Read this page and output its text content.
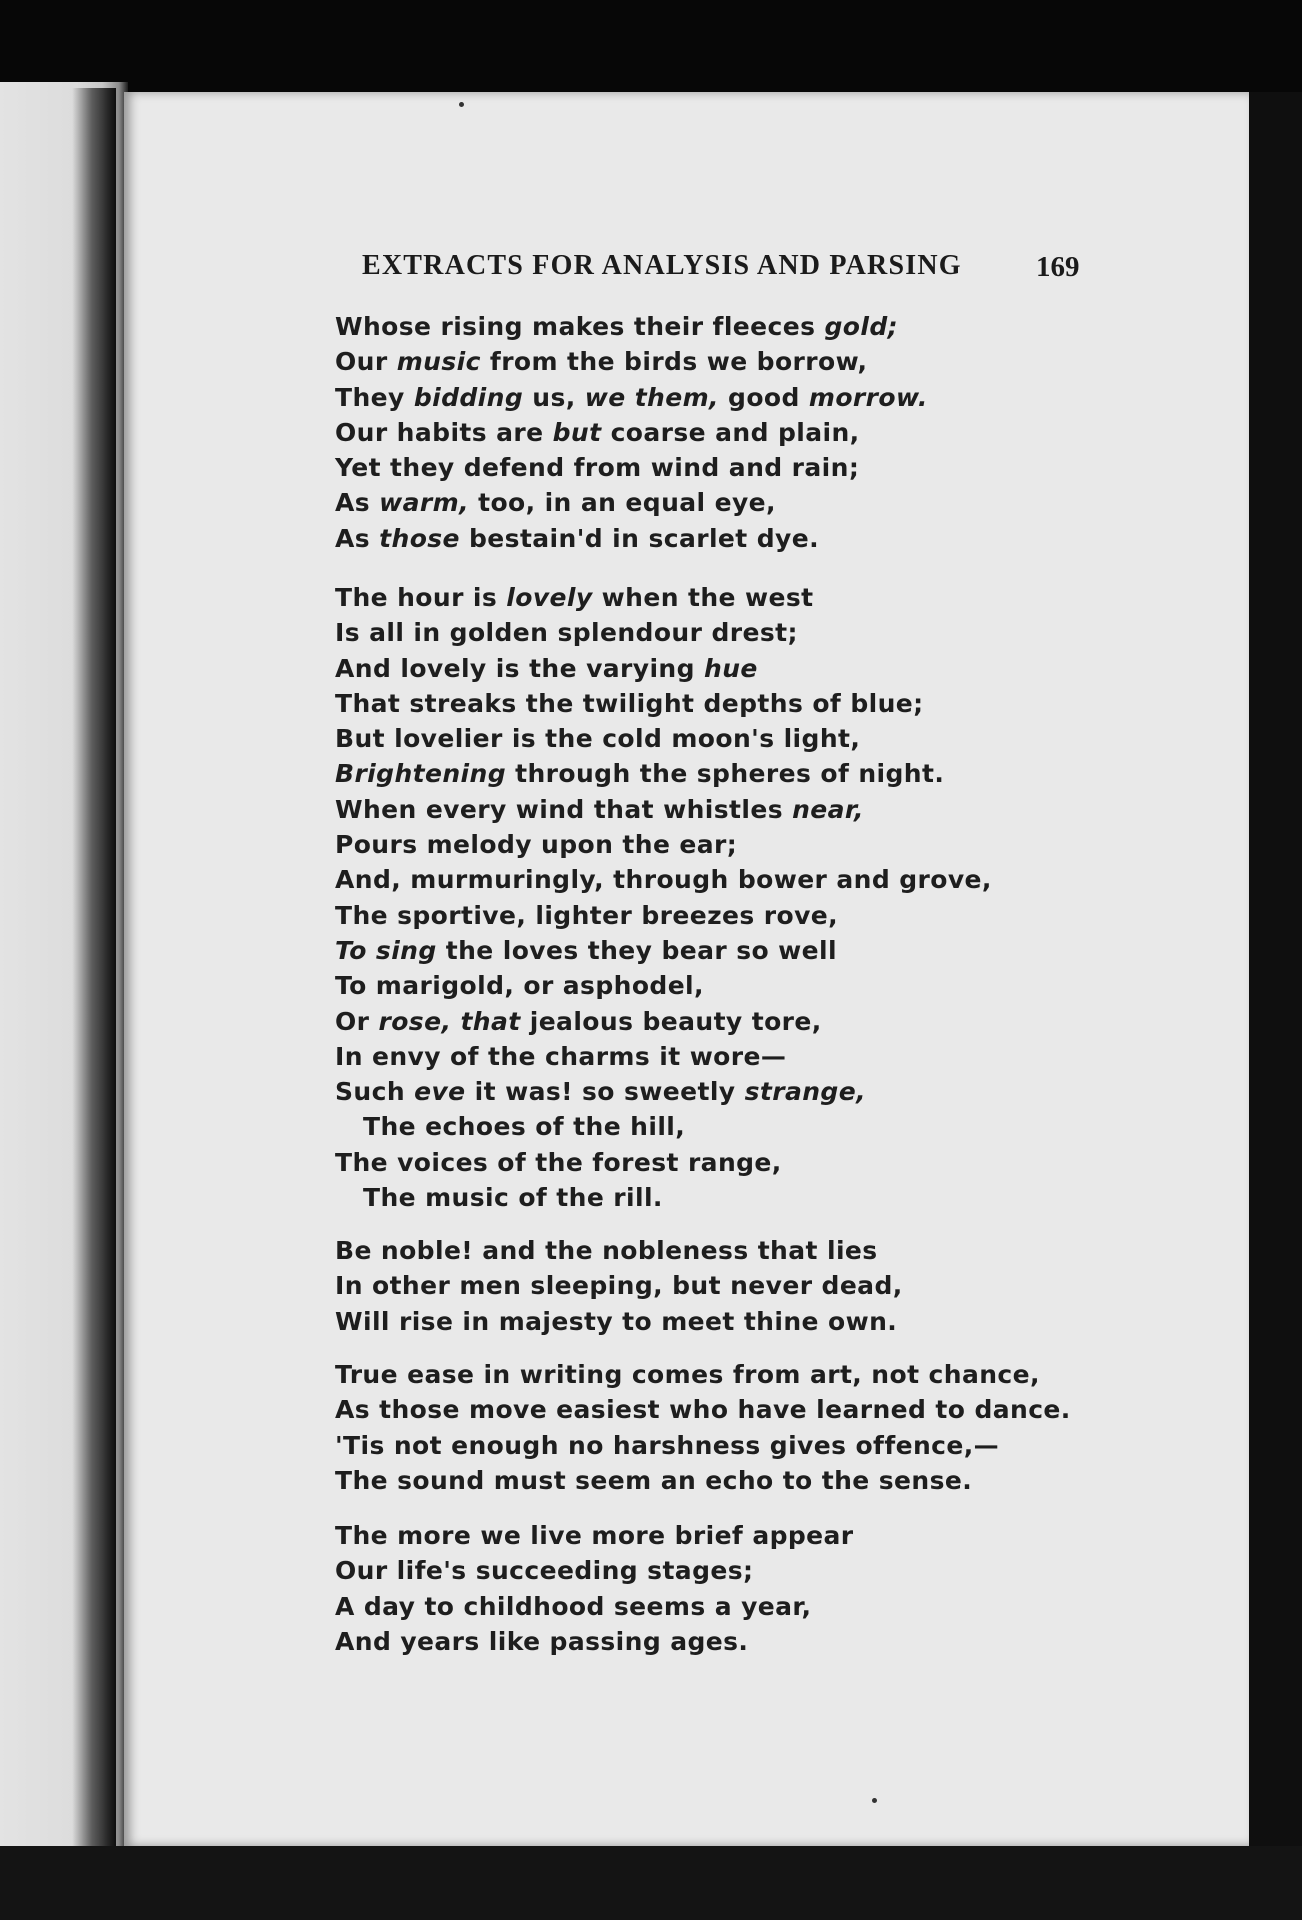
EXTRACTS FOR ANALYSIS AND PARSING	169
Whose rising makes their fleeces gold;
Our music from the birds we borrow,
They bidding us, we them, good morrow.
Our habits are but coarse and plain,
Yet they defend from wind and rain;
As warm, too, in an equal eye,
As those bestain'd in scarlet dye.
The hour is lovely when the west
Is all in golden splendour drest;
And lovely is the varying hue
That streaks the twilight depths of blue;
But lovelier is the cold moon's light,
Brightening through the spheres of night.
When every wind that whistles near,
Pours melody upon the ear;
And, murmuringly, through bower and grove,
The sportive, lighter breezes rove,
To sing the loves they bear so well
To marigold, or asphodel,
Or rose, that jealous beauty tore,
In envy of the charms it wore—
Such eve it was! so sweetly strange,
The echoes of the hill,
The voices of the forest range,
The music of the rill.
Be noble! and the nobleness that lies
In other men sleeping, but never dead,
Will rise in majesty to meet thine own.
True ease in writing comes from art, not chance,
As those move easiest who have learned to dance.
'Tis not enough no harshness gives offence,—
The sound must seem an echo to the sense.
The more we live more brief appear
Our life's succeeding stages;
A day to childhood seems a year,
And years like passing ages.
